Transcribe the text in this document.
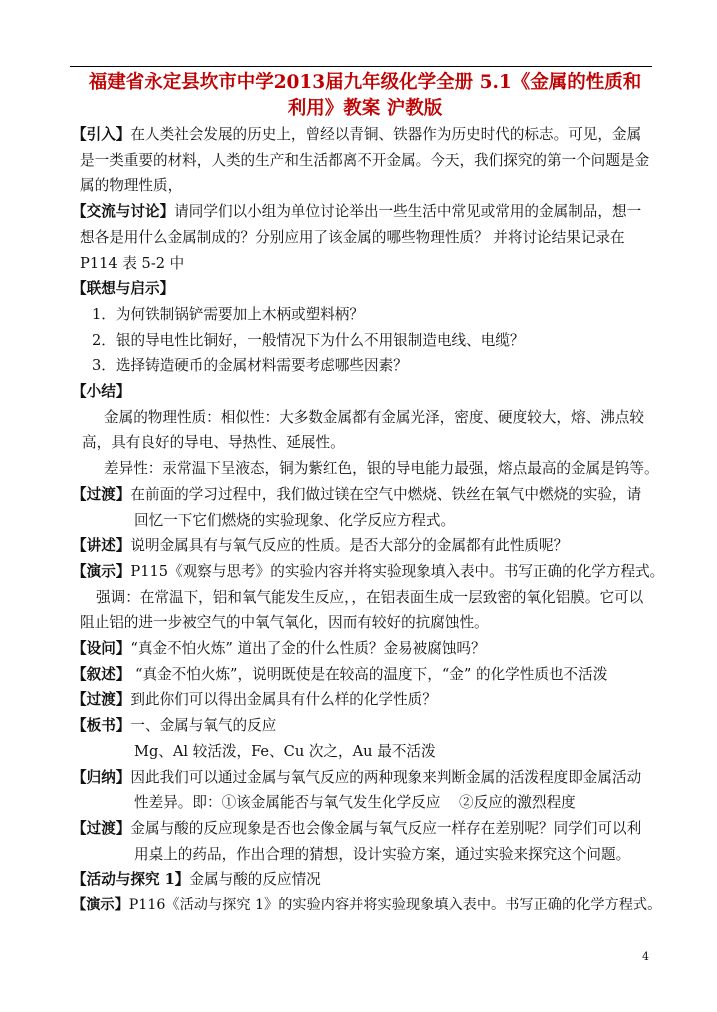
福建省永定县坎市中学2013届九年级化学全册 5.1《金属的性质和
利用》教案 沪教版

【引入】在人类社会发展的历史上，曾经以青铜、铁器作为历史时代的标志。可见，金属

是一类重要的材料，人类的生产和生活都离不开金属。今天，我们探究的第一个问题是金

属的物理性质，

【交流与讨论】请同学们以小组为单位讨论举出一些生活中常见或常用的金属制品，想一

想各是用什么金属制成的？分别应用了该金属的哪些物理性质？ 并将讨论结果记录在

P114 表 5-2 中

【联想与启示】

1．为何铁制锅铲需要加上木柄或塑料柄？

2．银的导电性比铜好，一般情况下为什么不用银制造电线、电缆？

3．选择铸造硬币的金属材料需要考虑哪些因素？

【小结】

金属的物理性质：相似性：大多数金属都有金属光泽，密度、硬度较大，熔、沸点较

高，具有良好的导电、导热性、延展性。

差异性：汞常温下呈液态，铜为紫红色，银的导电能力最强，熔点最高的金属是钨等。

【过渡】在前面的学习过程中，我们做过镁在空气中燃烧、铁丝在氧气中燃烧的实验，请

回忆一下它们燃烧的实验现象、化学反应方程式。

【讲述】说明金属具有与氧气反应的性质。是否大部分的金属都有此性质呢？

【演示】P115《观察与思考》的实验内容并将实验现象填入表中。书写正确的化学方程式。

强调：在常温下，铝和氧气能发生反应，，在铝表面生成一层致密的氧化铝膜。它可以

阻止铝的进一步被空气的中氧气氧化，因而有较好的抗腐蚀性。

【设问】“真金不怕火炼” 道出了金的什么性质？金易被腐蚀吗？

【叙述】 “真金不怕火炼”，说明既使是在较高的温度下，“金” 的化学性质也不活泼

【过渡】到此你们可以得出金属具有什么样的化学性质？

【板书】一、金属与氧气的反应

Mg、Al 较活泼，Fe、Cu 次之，Au 最不活泼

【归纳】因此我们可以通过金属与氧气反应的两种现象来判断金属的活泼程度即金属活动

性差异。即：①该金属能否与氧气发生化学反应    ②反应的激烈程度

【过渡】金属与酸的反应现象是否也会像金属与氧气反应一样存在差别呢？同学们可以利

用桌上的药品，作出合理的猜想，设计实验方案，通过实验来探究这个问题。

【活动与探究 1】金属与酸的反应情况

【演示】P116《活动与探究 1》的实验内容并将实验现象填入表中。书写正确的化学方程式。

4
